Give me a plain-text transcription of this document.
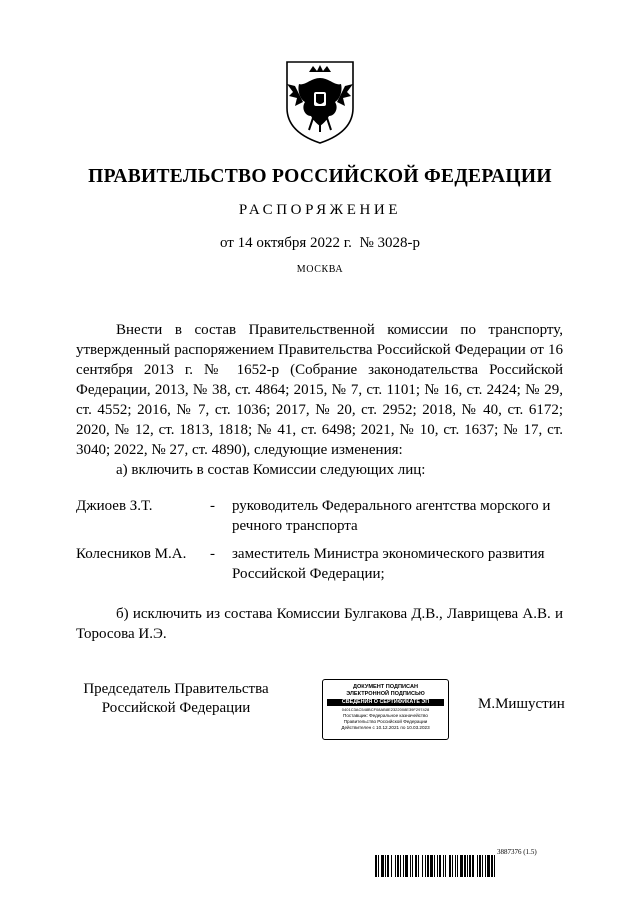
ПРАВИТЕЛЬСТВО РОССИЙСКОЙ ФЕДЕРАЦИИ
РАСПОРЯЖЕНИЕ
от 14 октября 2022 г. № 3028-р
МОСКВА

Внести в состав Правительственной комиссии по транспорту, утвержденный распоряжением Правительства Российской Федерации от 16 сентября 2013 г. № 1652-р (Собрание законодательства Российской Федерации, 2013, № 38, ст. 4864; 2015, № 7, ст. 1101; № 16, ст. 2424; № 29, ст. 4552; 2016, № 7, ст. 1036; 2017, № 20, ст. 2952; 2018, № 40, ст. 6172; 2020, № 12, ст. 1813, 1818; № 41, ст. 6498; 2021, № 10, ст. 1637; № 17, ст. 3040; 2022, № 27, ст. 4890), следующие изменения:

а) включить в состав Комиссии следующих лиц:

Джиоев З.Т.	- руководитель Федерального агентства морского и речного транспорта
Колесников М.А. - заместитель Министра экономического развития Российской Федерации;

б) исключить из состава Комиссии Булгакова Д.В., Лаврищева А.В. и Торосова И.Э.

Председатель Правительства
Российской Федерации
ДОКУМЕНТ ПОДПИСАН
ЭЛЕКТРОННОЙ ПОДПИСЬЮ
СВЕДЕНИЯ О СЕРТИФИКАТЕ ЭП
0401C3AC548BCF08AB8E2322008E39F297428
Поставщик: Федеральное казначейство
Правительство Российской Федерации
Действителен с 10.12.2021 по 10.03.2023
М.Мишустин
3887376 (1.5)
